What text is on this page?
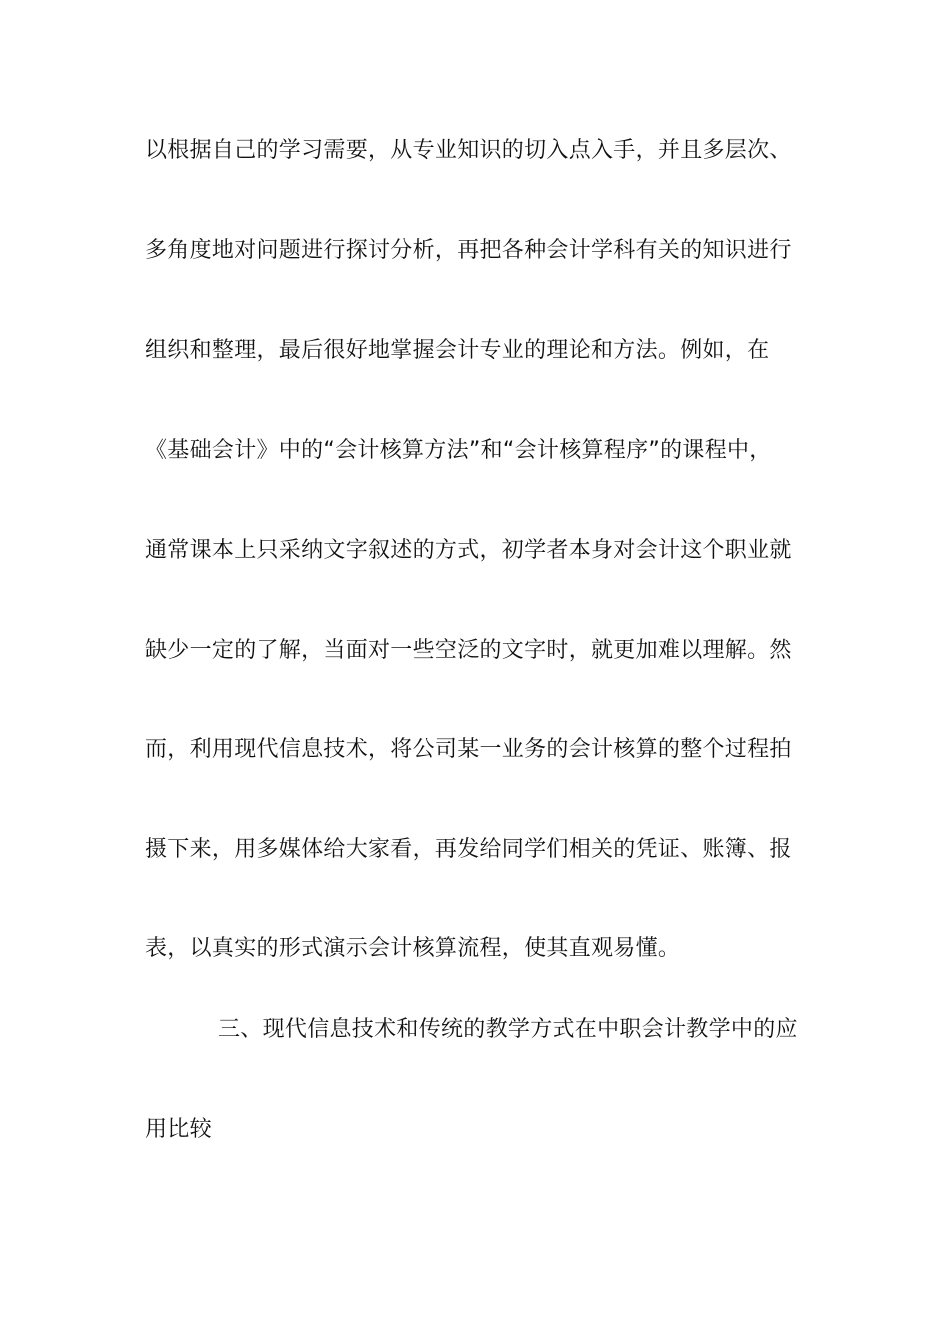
以根据自己的学习需要，从专业知识的切入点入手，并且多层次、
多角度地对问题进行探讨分析，再把各种会计学科有关的知识进行
组织和整理，最后很好地掌握会计专业的理论和方法。例如，在
《基础会计》中的“会计核算方法”和“会计核算程序”的课程中，
通常课本上只采纳文字叙述的方式，初学者本身对会计这个职业就
缺少一定的了解，当面对一些空泛的文字时，就更加难以理解。然
而，利用现代信息技术，将公司某一业务的会计核算的整个过程拍
摄下来，用多媒体给大家看，再发给同学们相关的凭证、账簿、报
表，以真实的形式演示会计核算流程，使其直观易懂。
三、现代信息技术和传统的教学方式在中职会计教学中的应
用比较
